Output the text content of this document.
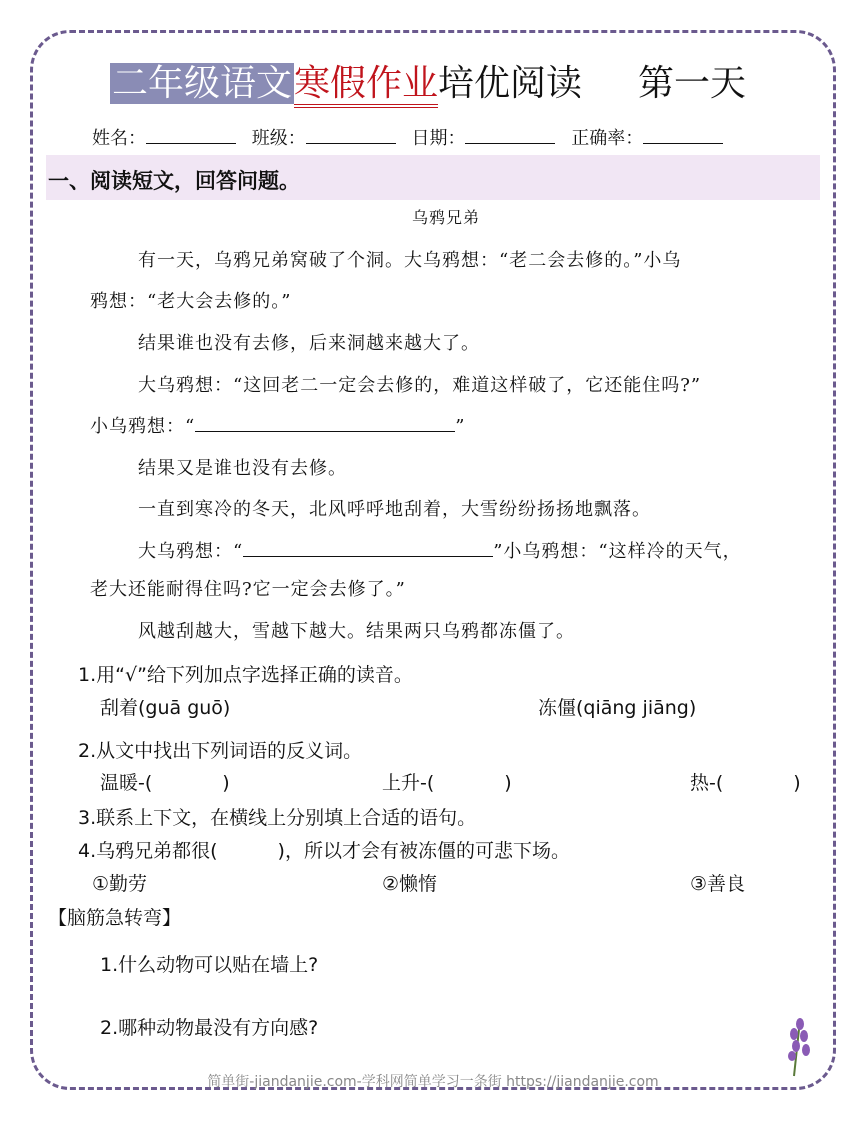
二年级语文寒假作业培优阅读 第一天
姓名：	班级：	日期：	正确率：
一、阅读短文，回答问题。
乌鸦兄弟
有一天，乌鸦兄弟窝破了个洞。大乌鸦想：“老二会去修的。”小乌
鸦想：“老大会去修的。”
结果谁也没有去修，后来洞越来越大了。
大乌鸦想：“这回老二一定会去修的，难道这样破了，它还能住吗?”
小乌鸦想：“	”
结果又是谁也没有去修。
一直到寒冷的冬天，北风呼呼地刮着，大雪纷纷扬扬地飘落。
大乌鸦想：“	”小乌鸦想：“这样冷的天气，
老大还能耐得住吗?它一定会去修了。”
风越刮越大，雪越下越大。结果两只乌鸦都冻僵了。
1.用“√”给下列加点字选择正确的读音。
刮着(guā guō)	冻僵(qiāng jiāng)
2.从文中找出下列词语的反义词。
温暖-(	)	上升-(	)	热-(	)
3.联系上下文，在横线上分别填上合适的语句。
4.乌鸦兄弟都很(	)，所以才会有被冻僵的可悲下场。
①勤劳	②懒惰	③善良
【脑筋急转弯】
1.什么动物可以贴在墙上?
2.哪种动物最没有方向感?
简单街-jiandanjie.com-学科网简单学习一条街 https://jiandanjie.com
